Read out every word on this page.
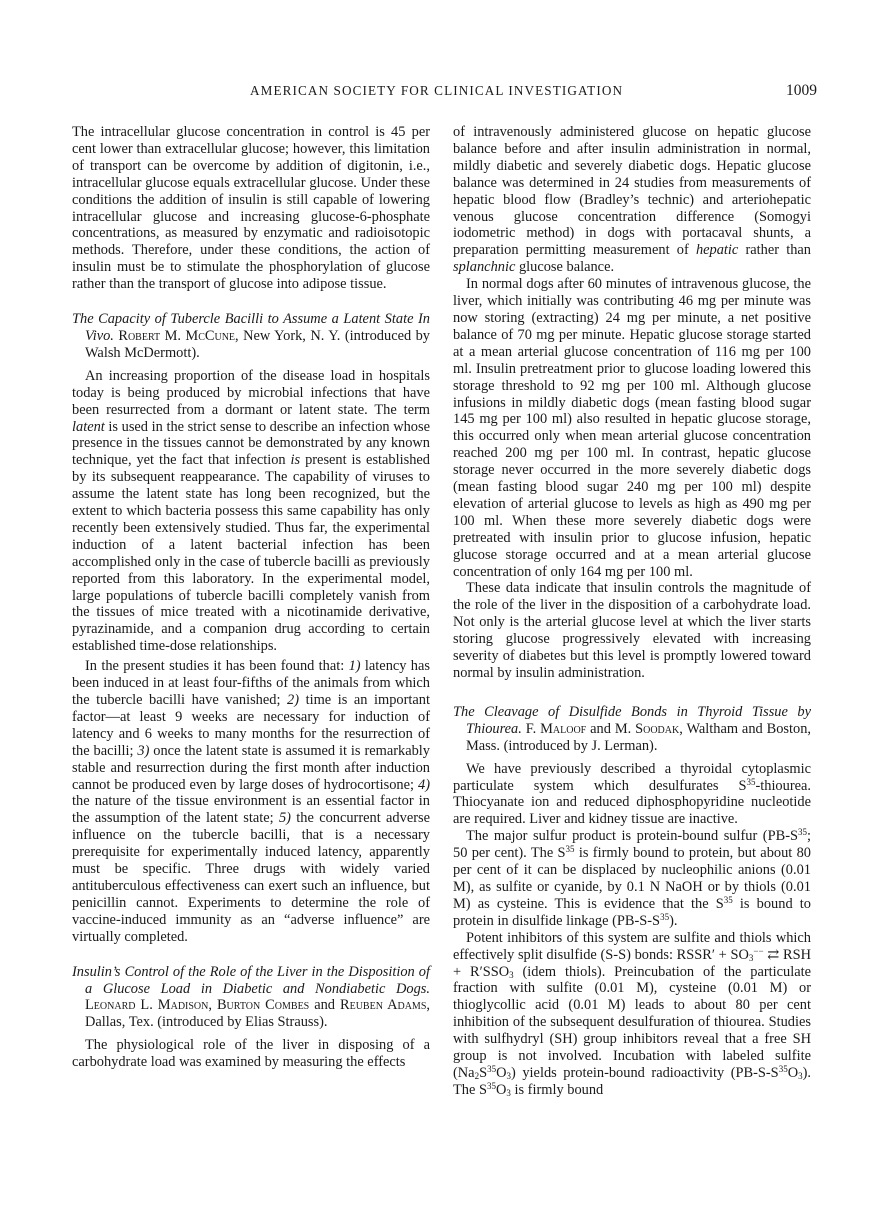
AMERICAN SOCIETY FOR CLINICAL INVESTIGATION	1009

The intracellular glucose concentration in control is 45 per cent lower than extracellular glucose; however, this limitation of transport can be overcome by addition of digitonin, i.e., intracellular glucose equals extracellular glucose. Under these conditions the addition of insulin is still capable of lowering intracellular glucose and increasing glucose-6-phosphate concentrations, as measured by enzymatic and radioisotopic methods. Therefore, under these conditions, the action of insulin must be to stimulate the phosphorylation of glucose rather than the transport of glucose into adipose tissue.

The Capacity of Tubercle Bacilli to Assume a Latent State In Vivo. Robert M. McCune, New York, N. Y. (introduced by Walsh McDermott).

An increasing proportion of the disease load in hospitals today is being produced by microbial infections that have been resurrected from a dormant or latent state. The term latent is used in the strict sense to describe an infection whose presence in the tissues cannot be demonstrated by any known technique, yet the fact that infection is present is established by its subsequent reappearance. The capability of viruses to assume the latent state has long been recognized, but the extent to which bacteria possess this same capability has only recently been extensively studied. Thus far, the experimental induction of a latent bacterial infection has been accomplished only in the case of tubercle bacilli as previously reported from this laboratory. In the experimental model, large populations of tubercle bacilli completely vanish from the tissues of mice treated with a nicotinamide derivative, pyrazinamide, and a companion drug according to certain established time-dose relationships.

In the present studies it has been found that: 1) latency has been induced in at least four-fifths of the animals from which the tubercle bacilli have vanished; 2) time is an important factor—at least 9 weeks are necessary for induction of latency and 6 weeks to many months for the resurrection of the bacilli; 3) once the latent state is assumed it is remarkably stable and resurrection during the first month after induction cannot be produced even by large doses of hydrocortisone; 4) the nature of the tissue environment is an essential factor in the assumption of the latent state; 5) the concurrent adverse influence on the tubercle bacilli, that is a necessary prerequisite for experimentally induced latency, apparently must be specific. Three drugs with widely varied antituberculous effectiveness can exert such an influence, but penicillin cannot. Experiments to determine the role of vaccine-induced immunity as an “adverse influence” are virtually completed.

Insulin’s Control of the Role of the Liver in the Disposition of a Glucose Load in Diabetic and Nondiabetic Dogs. Leonard L. Madison, Burton Combes and Reuben Adams, Dallas, Tex. (introduced by Elias Strauss).

The physiological role of the liver in disposing of a carbohydrate load was examined by measuring the effects

of intravenously administered glucose on hepatic glucose balance before and after insulin administration in normal, mildly diabetic and severely diabetic dogs. Hepatic glucose balance was determined in 24 studies from measurements of hepatic blood flow (Bradley’s technic) and arteriohepatic venous glucose concentration difference (Somogyi iodometric method) in dogs with portacaval shunts, a preparation permitting measurement of hepatic rather than splanchnic glucose balance.

In normal dogs after 60 minutes of intravenous glucose, the liver, which initially was contributing 46 mg per minute was now storing (extracting) 24 mg per minute, a net positive balance of 70 mg per minute. Hepatic glucose storage started at a mean arterial glucose concentration of 116 mg per 100 ml. Insulin pretreatment prior to glucose loading lowered this storage threshold to 92 mg per 100 ml. Although glucose infusions in mildly diabetic dogs (mean fasting blood sugar 145 mg per 100 ml) also resulted in hepatic glucose storage, this occurred only when mean arterial glucose concentration reached 200 mg per 100 ml. In contrast, hepatic glucose storage never occurred in the more severely diabetic dogs (mean fasting blood sugar 240 mg per 100 ml) despite elevation of arterial glucose to levels as high as 490 mg per 100 ml. When these more severely diabetic dogs were pretreated with insulin prior to glucose infusion, hepatic glucose storage occurred and at a mean arterial glucose concentration of only 164 mg per 100 ml.

These data indicate that insulin controls the magnitude of the role of the liver in the disposition of a carbohydrate load. Not only is the arterial glucose level at which the liver starts storing glucose progressively elevated with increasing severity of diabetes but this level is promptly lowered toward normal by insulin administration.

The Cleavage of Disulfide Bonds in Thyroid Tissue by Thiourea. F. Maloof and M. Soodak, Waltham and Boston, Mass. (introduced by J. Lerman).

We have previously described a thyroidal cytoplasmic particulate system which desulfurates $S^{35}$-thiourea. Thiocyanate ion and reduced diphosphopyridine nucleotide are required. Liver and kidney tissue are inactive.

The major sulfur product is protein-bound sulfur ($PB-S^{35}$; 50 per cent). The $S^{35}$ is firmly bound to protein, but about 80 per cent of it can be displaced by nucleophilic anions (0.01 M), as sulfite or cyanide, by 0.1 N NaOH or by thiols (0.01 M) as cysteine. This is evidence that the $S^{35}$ is bound to protein in disulfide linkage $(PB-S-S^{35})$.

Potent inhibitors of this system are sulfite and thiols which effectively split disulfide (S-S) bonds: RSSR′ + $SO_3^{--}$ ⇄ RSH + $R'SSO_3$ (idem thiols). Preincubation of the particulate fraction with sulfite (0.01 M), cysteine (0.01 M) or thioglycollic acid (0.01 M) leads to about 80 per cent inhibition of the subsequent desulfuration of thiourea. Studies with sulfhydryl (SH) group inhibitors reveal that a free SH group is not involved. Incubation with labeled sulfite $(Na_2S^{35}O_3)$ yields protein-bound radioactivity $(PB-S-S^{35}O_3)$. The $S^{35}O_3$ is firmly bound
